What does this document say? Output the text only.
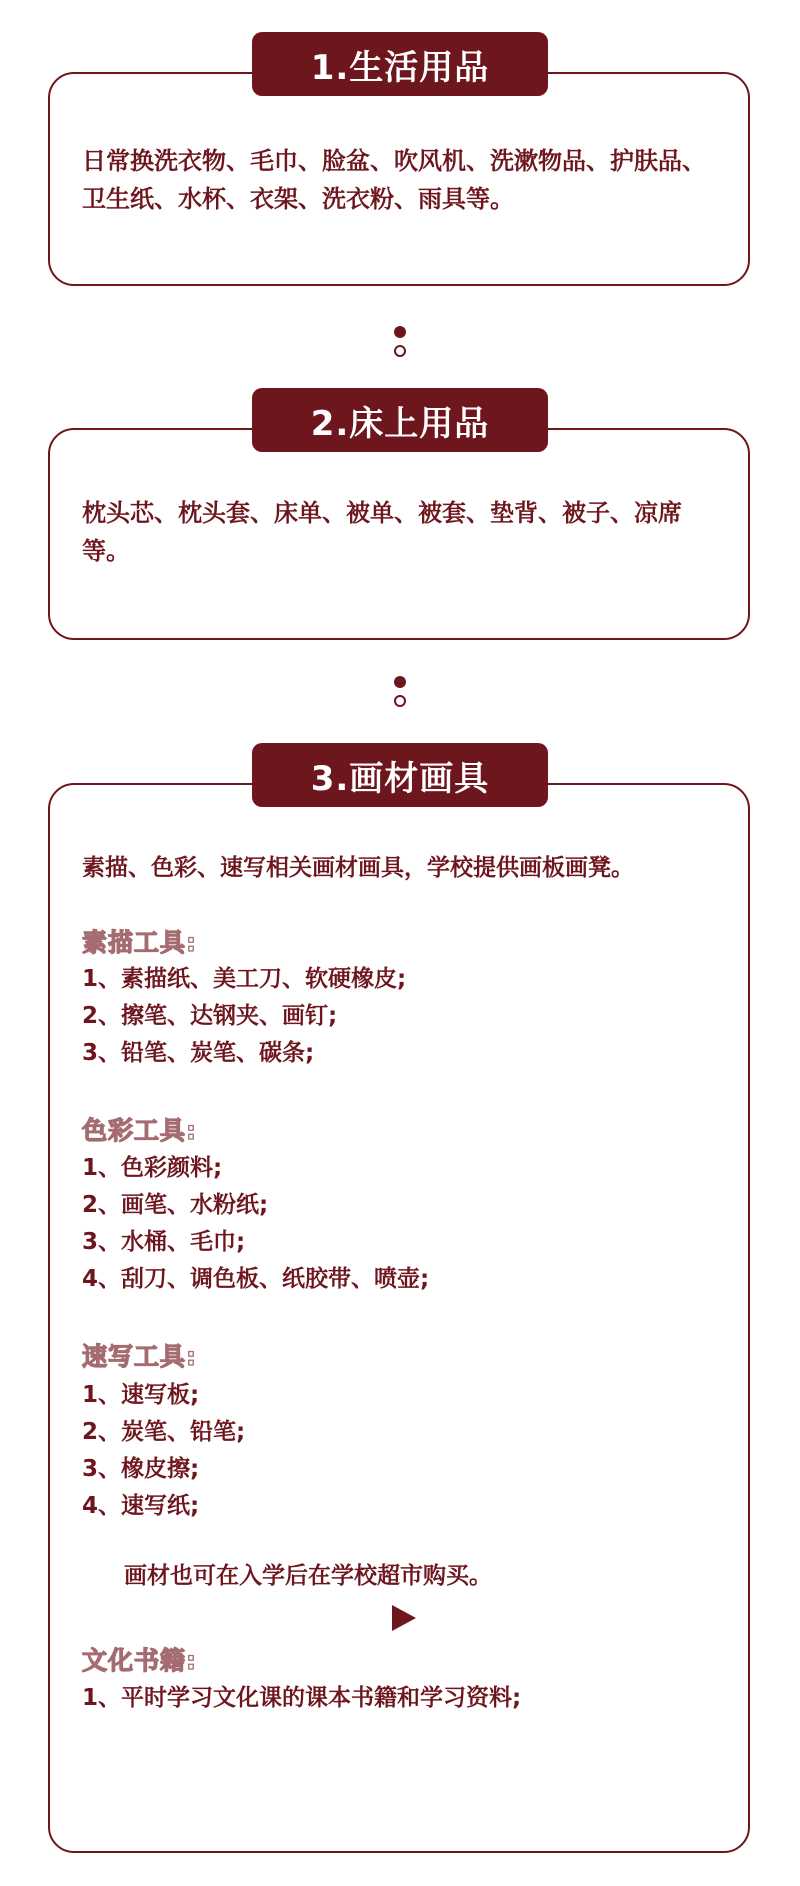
日常换洗衣物、毛巾、脸盆、吹风机、洗漱物品、护肤品、卫生纸、水杯、衣架、洗衣粉、雨具等。
1.生活用品
枕头芯、枕头套、床单、被单、被套、垫背、被子、凉席等。
2.床上用品
素描、色彩、速写相关画材画具，学校提供画板画凳。
素描工具:
1、素描纸、美工刀、软硬橡皮;
2、擦笔、达钢夹、画钉;
3、铅笔、炭笔、碳条;
色彩工具:
1、色彩颜料;
2、画笔、水粉纸;
3、水桶、毛巾;
4、刮刀、调色板、纸胶带、喷壶;
速写工具:
1、速写板;
2、炭笔、铅笔;
3、橡皮擦;
4、速写纸;
画材也可在入学后在学校超市购买。
文化书籍:
1、平时学习文化课的课本书籍和学习资料;
3.画材画具
